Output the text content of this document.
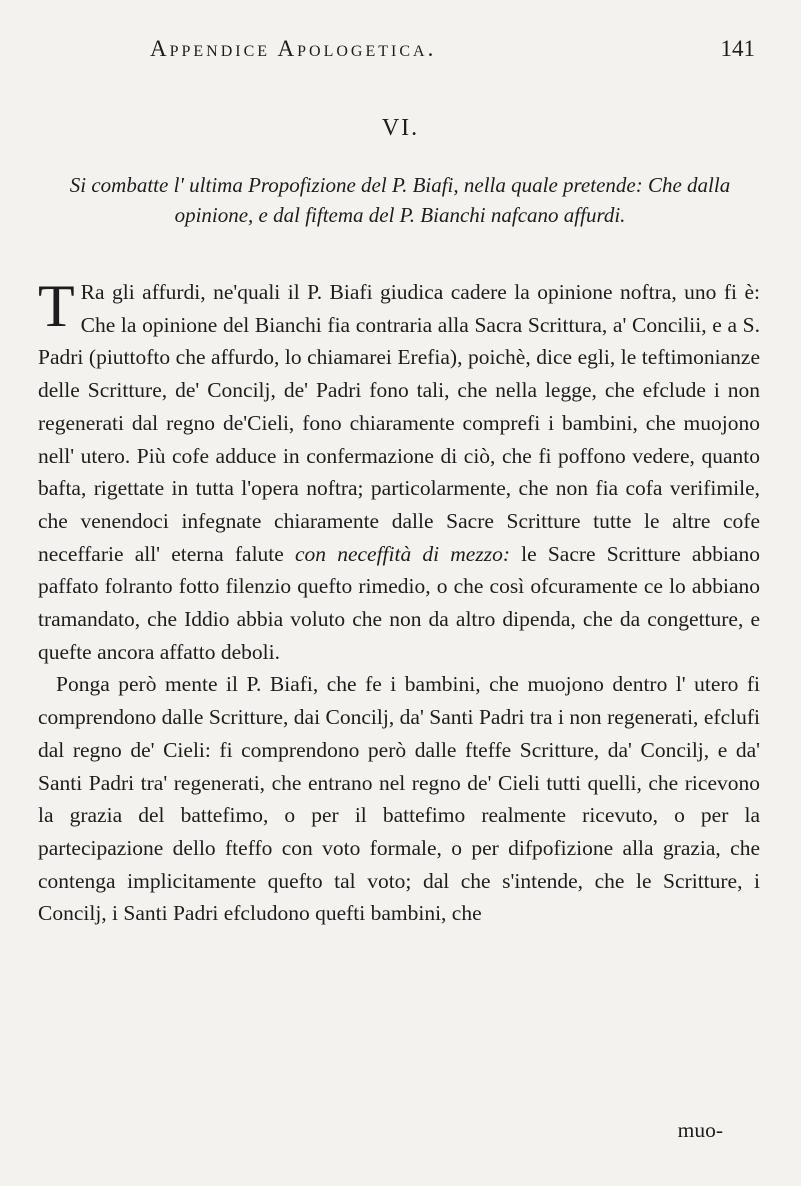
Appendice Apologetica.	141
VI.
Si combatte l' ultima Propofizione del P. Biafi, nella quale pretende: Che dalla opinione, e dal fiftema del P. Bianchi nafcano affurdi.

T Ra gli affurdi, ne'quali il P. Biafi giudica cadere la opinione noftra, uno fi è: Che la opinione del Bianchi fia contraria alla Sacra Scrittura, a' Concilii, e a S. Padri (piuttofto che affurdo, lo chiamarei Erefia), poichè, dice egli, le teftimonianze delle Scritture, de' Concilj, de' Padri fono tali, che nella legge, che efclude i non regenerati dal regno de'Cieli, fono chiaramente comprefi i bambini, che muojono nell' utero. Più cofe adduce in confermazione di ciò, che fi poffono vedere, quanto bafta, rigettate in tutta l'opera noftra; particolarmente, che non fia cofa verifimile, che venendoci infegnate chiaramente dalle Sacre Scritture tutte le altre cofe neceffarie all' eterna falute con neceffità di mezzo: le Sacre Scritture abbiano paffato folranto fotto filenzio quefto rimedio, o che così ofcuramente ce lo abbiano tramandato, che Iddio abbia voluto che non da altro dipenda, che da congetture, e quefte ancora affatto deboli.

Ponga però mente il P. Biafi, che fe i bambini, che muojono dentro l' utero fi comprendono dalle Scritture, dai Concilj, da' Santi Padri tra i non regenerati, efclufi dal regno de' Cieli: fi comprendono però dalle fteffe Scritture, da' Concilj, e da' Santi Padri tra' regenerati, che entrano nel regno de' Cieli tutti quelli, che ricevono la grazia del battefimo, o per il battefimo realmente ricevuto, o per la partecipazione dello fteffo con voto formale, o per difpofizione alla grazia, che contenga implicitamente quefto tal voto; dal che s'intende, che le Scritture, i Concilj, i Santi Padri efcludono quefti bambini, che

muo-
